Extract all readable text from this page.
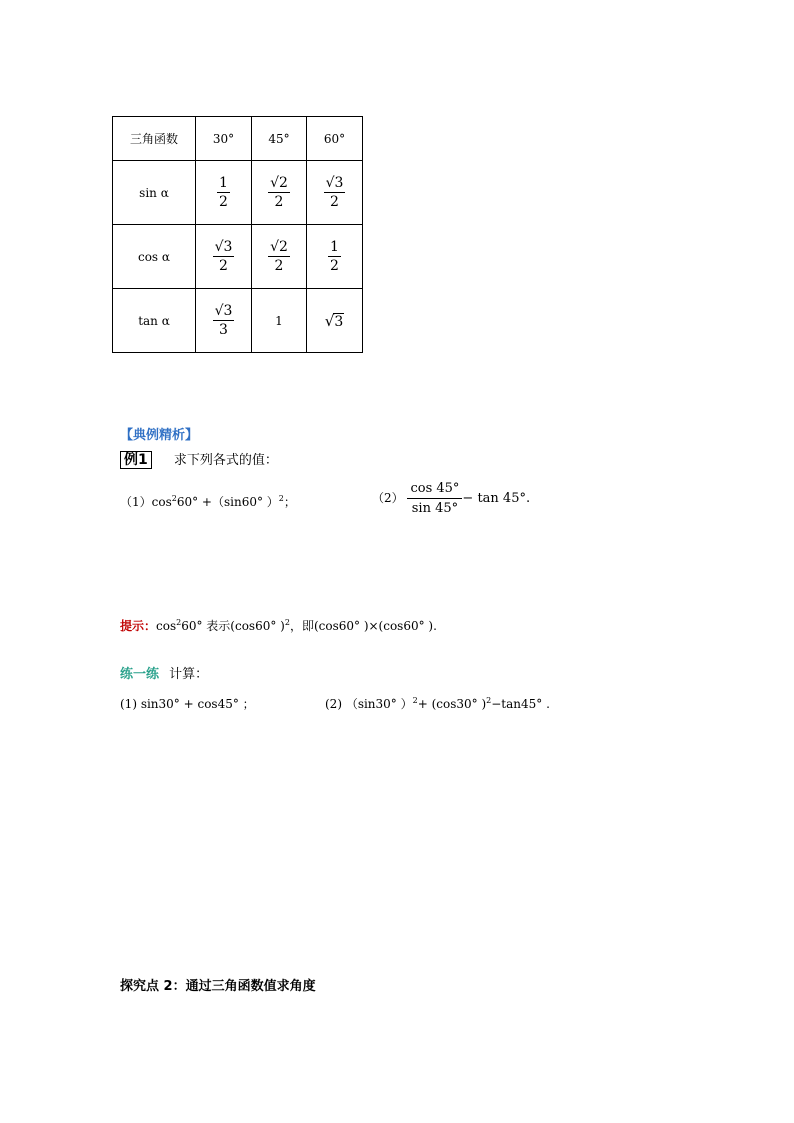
三角函数	30°	45°	60°
sin α	$\frac{1}{2}$	$\frac{√2}{2}$	$\frac{√3}{2}$

cos α	$\frac{√3}{2}$	$\frac{√2}{2}$	$\frac{1}{2}$

tan α	$\frac{√3}{3}$	1	√3
【典例精析】
例1 求下列各式的值：
$(1)\cos^260^\circ +(\sin 60^\circ$ ）$^2$；	$(2) \frac{\cos 45^\circ}{\sin 45^\circ} - \tan 45^\circ$.
提示：$\cos^260^\circ$ 表示(cos60° )$^2$，即(cos60° )×(cos60° ).
练一练 计算：
(1) sin30° + cos45° ；	(2) （sin30° ）$^2$+ (cos30° )$^2$−tan45° .
探究点 2：通过三角函数值求角度
